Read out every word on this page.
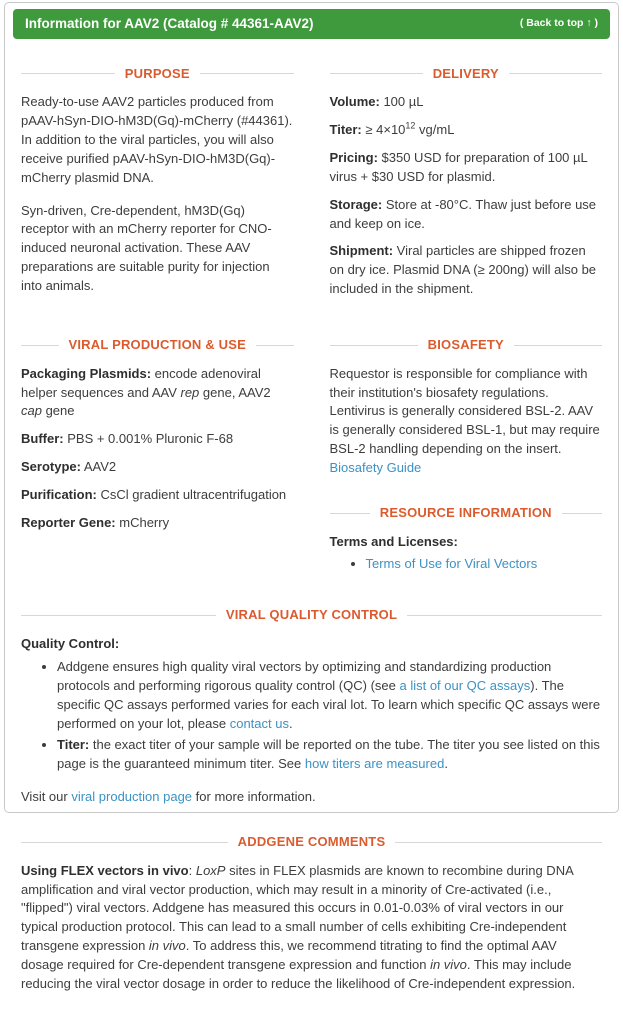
Information for AAV2 (Catalog # 44361-AAV2)	( Back to top ↑ )
PURPOSE

Ready-to-use AAV2 particles produced from pAAV-hSyn-DIO-hM3D(Gq)-mCherry (#44361). In addition to the viral particles, you will also receive purified pAAV-hSyn-DIO-hM3D(Gq)-mCherry plasmid DNA.

Syn-driven, Cre-dependent, hM3D(Gq) receptor with an mCherry reporter for CNO-induced neuronal activation. These AAV preparations are suitable purity for injection into animals.

DELIVERY

Volume: 100 µL

Titer: ≥ $4\times 10^{12}$ vg/mL

Pricing: $350 USD for preparation of 100 µL virus + $30 USD for plasmid.

Storage: Store at -80°C. Thaw just before use and keep on ice.

Shipment: Viral particles are shipped frozen on dry ice. Plasmid DNA (≥ 200ng) will also be included in the shipment.

VIRAL PRODUCTION & USE

Packaging Plasmids: encode adenoviral helper sequences and AAV rep gene, AAV2 cap gene

Buffer: PBS + 0.001% Pluronic F-68

Serotype: AAV2

Purification: CsCl gradient ultracentrifugation

Reporter Gene: mCherry

BIOSAFETY

Requestor is responsible for compliance with their institution's biosafety regulations. Lentivirus is generally considered BSL-2. AAV is generally considered BSL-1, but may require BSL-2 handling depending on the insert. Biosafety Guide

RESOURCE INFORMATION

Terms and Licenses:

• Terms of Use for Viral Vectors
VIRAL QUALITY CONTROL

Quality Control:

• Addgene ensures high quality viral vectors by optimizing and standardizing production protocols and performing rigorous quality control (QC) (see a list of our QC assays). The specific QC assays performed varies for each viral lot. To learn which specific QC assays were performed on your lot, please contact us.
• Titer: the exact titer of your sample will be reported on the tube. The titer you see listed on this page is the guaranteed minimum titer. See how titers are measured.

Visit our viral production page for more information.

ADDGENE COMMENTS

Using FLEX vectors in vivo: LoxP sites in FLEX plasmids are known to recombine during DNA amplification and viral vector production, which may result in a minority of Cre-activated (i.e., "flipped") viral vectors. Addgene has measured this occurs in 0.01-0.03% of viral vectors in our typical production protocol. This can lead to a small number of cells exhibiting Cre-independent transgene expression in vivo. To address this, we recommend titrating to find the optimal AAV dosage required for Cre-dependent transgene expression and function in vivo. This may include reducing the viral vector dosage in order to reduce the likelihood of Cre-independent expression.
